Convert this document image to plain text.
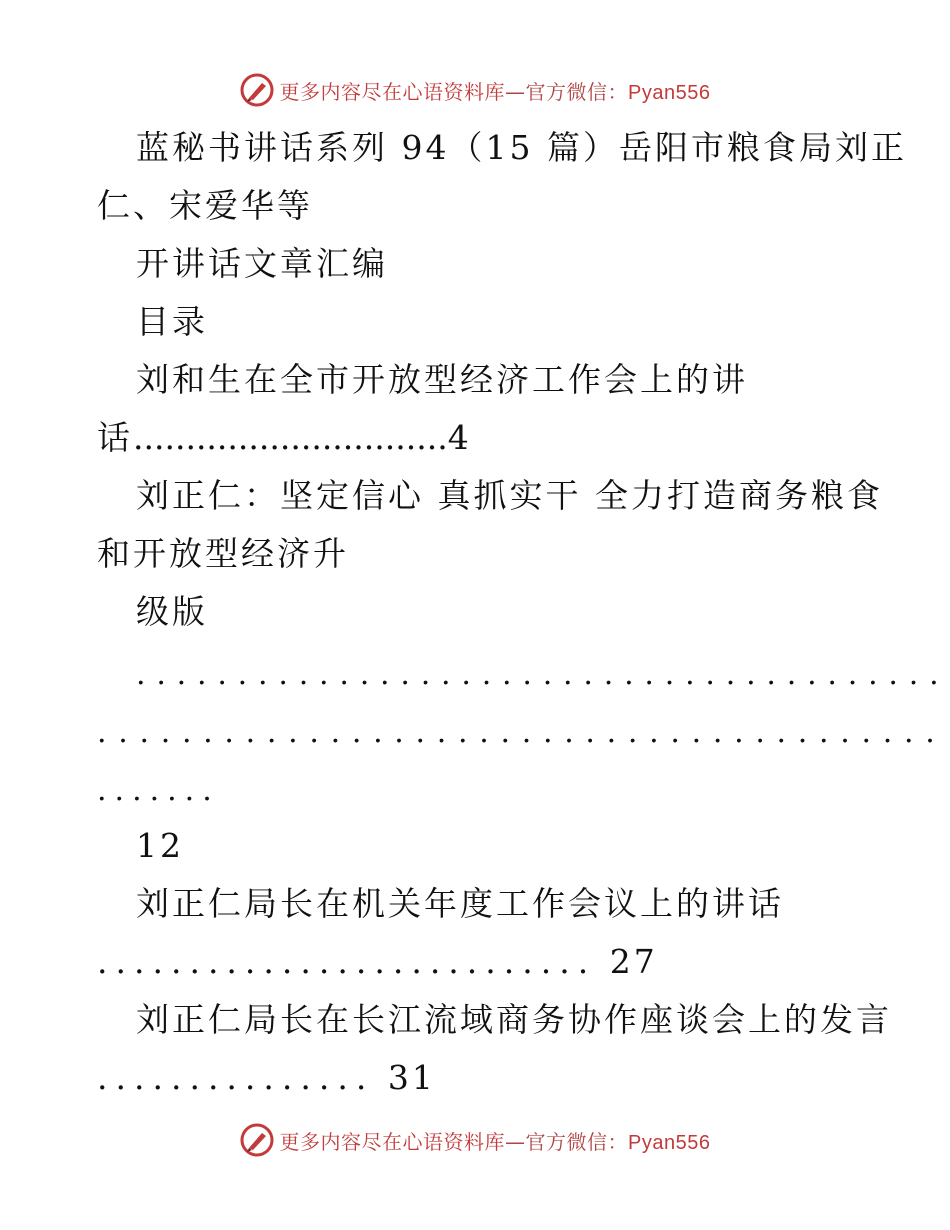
更多内容尽在心语资料库—官方微信：Pyan556
蓝秘书讲话系列 94（15 篇）岳阳市粮食局刘正
仁、宋爱华等
开讲话文章汇编
目录
刘和生在全市开放型经济工作会上的讲
话..............................4
刘正仁：坚定信心 真抓实干 全力打造商务粮食
和开放型经济升
级版
........................................
........................................
.......
12
刘正仁局长在机关年度工作会议上的讲话
........................... 27
刘正仁局长在长江流域商务协作座谈会上的发言
............... 31
更多内容尽在心语资料库—官方微信：Pyan556
